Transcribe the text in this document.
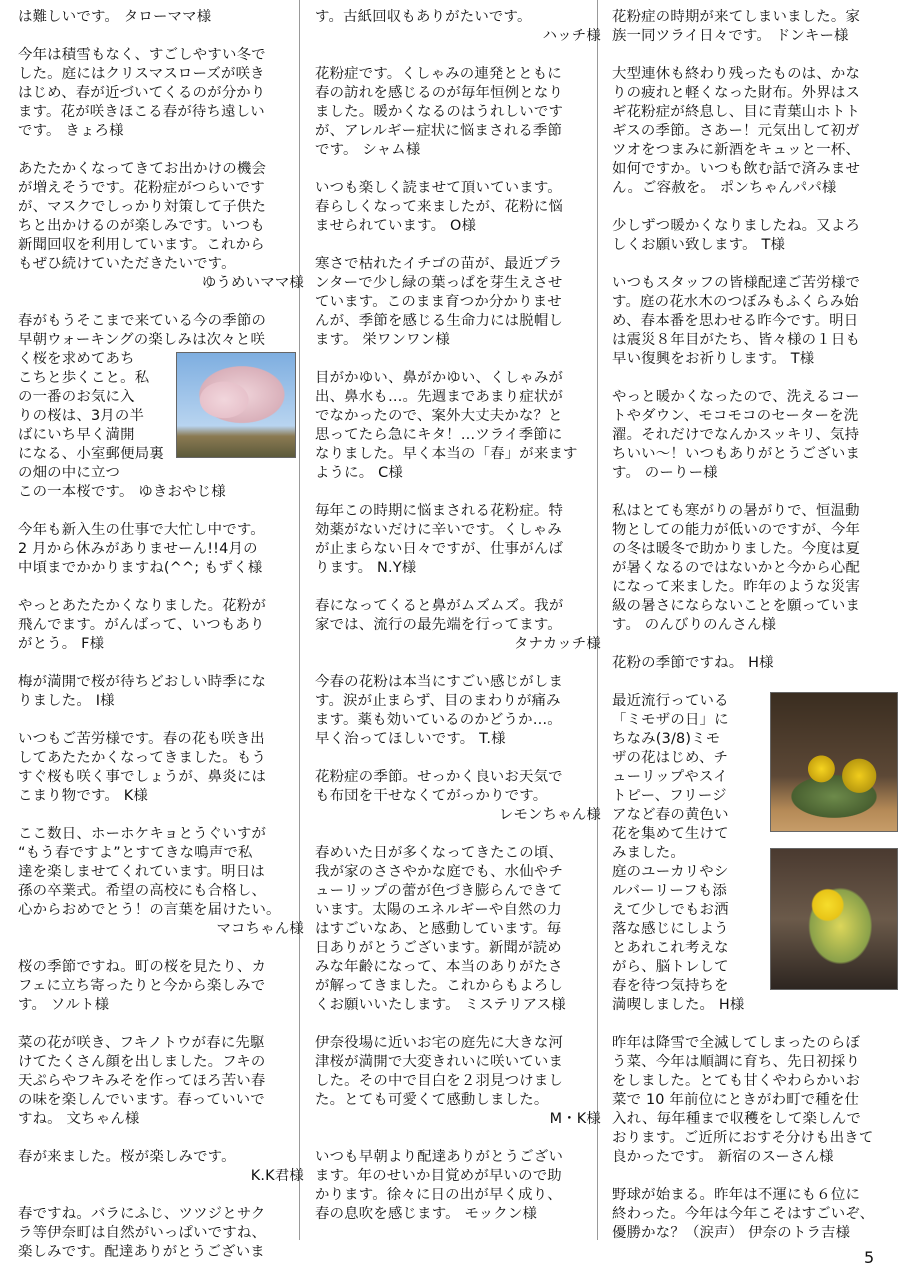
は難しいです。 タローママ様

今年は積雪もなく、すごしやすい冬で

した。庭にはクリスマスローズが咲き

はじめ、春が近づいてくるのが分かり

ます。花が咲きほこる春が待ち遠しい

です。 きょろ様

あたたかくなってきてお出かけの機会

が増えそうです。花粉症がつらいです

が、マスクでしっかり対策して子供た

ちと出かけるのが楽しみです。いつも

新聞回収を利用しています。これから

もぜひ続けていただきたいです。

ゆうめいママ様

春がもうそこまで来ている今の季節の

早朝ウォーキングの楽しみは次々と咲

く桜を求めてあち

こちと歩くこと。私

の一番のお気に入

りの桜は、3月の半

ばにいち早く満開

になる、小室郵便局裏の畑の中に立つ

この一本桜です。 ゆきおやじ様

今年も新入生の仕事で大忙し中です。

2 月から休みがありませーん!!4月の

中頃までかかりますね(^^; もずく様

やっとあたたかくなりました。花粉が

飛んでます。がんばって、いつもあり

がとう。 F様

梅が満開で桜が待ちどおしい時季にな

りました。 I様

いつもご苦労様です。春の花も咲き出

してあたたかくなってきました。もう

すぐ桜も咲く事でしょうが、鼻炎には

こまり物です。 K様

ここ数日、ホーホケキョとうぐいすが

“もう春ですよ”とすてきな鳴声で私

達を楽しませてくれています。明日は

孫の卒業式。希望の高校にも合格し、

心からおめでとう！の言葉を届けたい。

マコちゃん様

桜の季節ですね。町の桜を見たり、カ

フェに立ち寄ったりと今から楽しみで

す。 ソルト様

菜の花が咲き、フキノトウが春に先駆

けてたくさん顔を出しました。フキの

天ぷらやフキみそを作ってほろ苦い春

の味を楽しんでいます。春っていいで

すね。 文ちゃん様

春が来ました。桜が楽しみです。

K.K君様

春ですね。バラにふじ、ツツジとサク

ラ等伊奈町は自然がいっぱいですね、

楽しみです。配達ありがとうございま

す。古紙回収もありがたいです。

ハッチ様

花粉症です。くしゃみの連発とともに

春の訪れを感じるのが毎年恒例となり

ました。暖かくなるのはうれしいです

が、アレルギー症状に悩まされる季節

です。 シャム様

いつも楽しく読ませて頂いています。

春らしくなって来ましたが、花粉に悩

ませられています。 O様

寒さで枯れたイチゴの苗が、最近プラ

ンターで少し緑の葉っぱを芽生えさせ

ています。このまま育つか分かりませ

んが、季節を感じる生命力には脱帽し

ます。 栄ワンワン様

目がかゆい、鼻がかゆい、くしゃみが

出、鼻水も…。先週まであまり症状が

でなかったので、案外大丈夫かな？と

思ってたら急にキタ！…ツライ季節に

なりました。早く本当の「春」が来ます

ように。 C様

毎年この時期に悩まされる花粉症。特

効薬がないだけに辛いです。くしゃみ

が止まらない日々ですが、仕事がんば

ります。 N.Y様

春になってくると鼻がムズムズ。我が

家では、流行の最先端を行ってます。

タナカッチ様

今春の花粉は本当にすごい感じがしま

す。涙が止まらず、目のまわりが痛み

ます。薬も効いているのかどうか…。

早く治ってほしいです。 T.様

花粉症の季節。せっかく良いお天気で

も布団を干せなくてがっかりです。

レモンちゃん様

春めいた日が多くなってきたこの頃、

我が家のささやかな庭でも、水仙やチ

ューリップの蕾が色づき膨らんできて

います。太陽のエネルギーや自然の力

はすごいなあ、と感動しています。毎

日ありがとうございます。新聞が読め

みな年齢になって、本当のありがたさ

が解ってきました。これからもよろし

くお願いいたします。 ミステリアス様

伊奈役場に近いお宅の庭先に大きな河

津桜が満開で大変きれいに咲いていま

した。その中で目白を２羽見つけまし

た。とても可愛くて感動しました。

M・K様

いつも早朝より配達ありがとうござい

ます。年のせいか目覚めが早いので助

かります。徐々に日の出が早く成り、

春の息吹を感じます。 モックン様

花粉症の時期が来てしまいました。家

族一同ツライ日々です。 ドンキー様

大型連休も終わり残ったものは、かな

りの疲れと軽くなった財布。外界はス

ギ花粉症が終息し、目に青葉山ホトト

ギスの季節。さあー！元気出して初ガ

ツオをつまみに新酒をキュッと一杯、

如何ですか。いつも飲む話で済みませ

ん。ご容赦を。 ポンちゃんパパ様

少しずつ暖かくなりましたね。又よろ

しくお願い致します。 T様

いつもスタッフの皆様配達ご苦労様で

す。庭の花水木のつぼみもふくらみ始

め、春本番を思わせる昨今です。明日

は震災８年目がたち、皆々様の１日も

早い復興をお祈りします。 T様

やっと暖かくなったので、洗えるコー

トやダウン、モコモコのセーターを洗

濯。それだけでなんかスッキリ、気持

ちいい〜！いつもありがとうございま

す。 のーりー様

私はとても寒がりの暑がりで、恒温動

物としての能力が低いのですが、今年

の冬は暖冬で助かりました。今度は夏

が暑くなるのではないかと今から心配

になって来ました。昨年のような災害

級の暑さにならないことを願っていま

す。 のんびりのんさん様

花粉の季節ですね。 H様

最近流行っている

「ミモザの日」に

ちなみ(3/8)ミモ

ザの花はじめ、チ

ューリップやスイ

トピー、フリージ

アなど春の黄色い

花を集めて生けて

みました。

庭のユーカリやシ

ルバーリーフも添

えて少しでもお洒

落な感じにしよう

とあれこれ考えな

がら、脳トレして

春を待つ気持ちを

満喫しました。 H様

昨年は降雪で全滅してしまったのらぼ

う菜、今年は順調に育ち、先日初採り

をしました。とても甘くやわらかいお

菜で 10 年前位にときがわ町で種を仕

入れ、毎年種まで収穫をして楽しんで

おります。ご近所におすそ分けも出きて

良かったです。 新宿のスーさん様

野球が始まる。昨年は不運にも６位に

終わった。今年は今年こそはすごいぞ、

優勝かな？（涙声） 伊奈のトラ吉様

5
